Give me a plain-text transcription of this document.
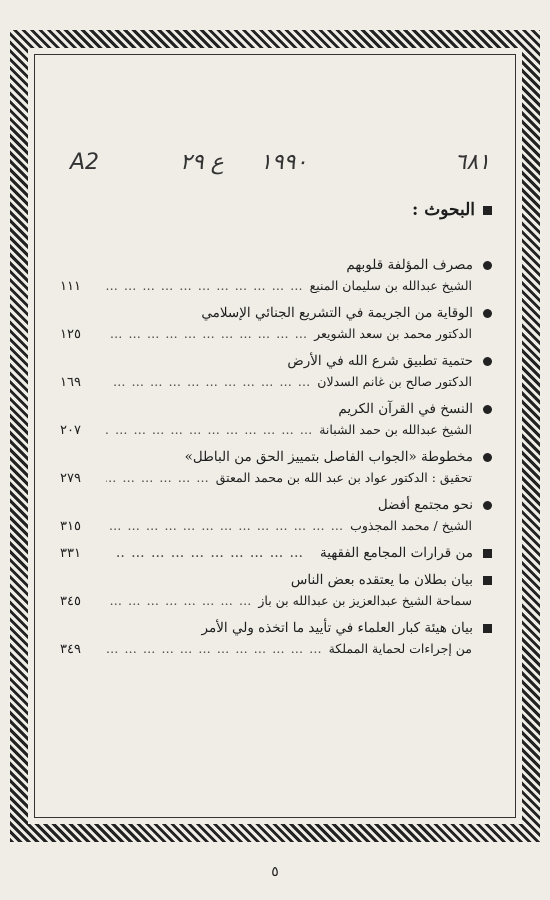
٦٨١
١٩٩٠
ع ٢٩
A2
البحوث :
مصرف المؤلفة قلوبهم
الشيخ عبدالله بن سليمان المنيع
… … … … … … … … … … … … … … … … … … … … … … … …
١١١
الوقاية من الجريمة في التشريع الجنائي الإسلامي
الدكتور محمد بن سعد الشويعر
… … … … … … … … … … … … … … … … … … … … … … … …
١٢٥
حتمية تطبيق شرع الله في الأرض
الدكتور صالح بن غانم السدلان
… … … … … … … … … … … … … … … … … … … … … … … …
١٦٩
النسخ في القرآن الكريم
الشيخ عبدالله بن حمد الشبانة
… … … … … … … … … … … … … … … … … … … … … … … …
٢٠٧
مخطوطة «الجواب الفاصل بتمييز الحق من الباطل»
تحقيق : الدكتور عواد بن عبد الله بن محمد المعتق
… … … … … … … … … … … … … … … … … … … … … … … …
٢٧٩
نحو مجتمع أفضل
الشيخ / محمد المجذوب
… … … … … … … … … … … … … … … … … … … … … … … …
٣١٥
من قرارات المجامع الفقهية
… … … … … … … … … … … … … … … … … … … … … … … …
٣٣١
بيان بطلان ما يعتقده بعض الناس
سماحة الشيخ عبدالعزيز بن عبدالله بن باز
… … … … … … … … … … … … … … … … … … … … … … … …
٣٤٥
بيان هيئة كبار العلماء في تأييد ما اتخذه ولي الأمر
من إجراءات لحماية المملكة
… … … … … … … … … … … … … … … … … … … … … … … …
٣٤٩
٥
